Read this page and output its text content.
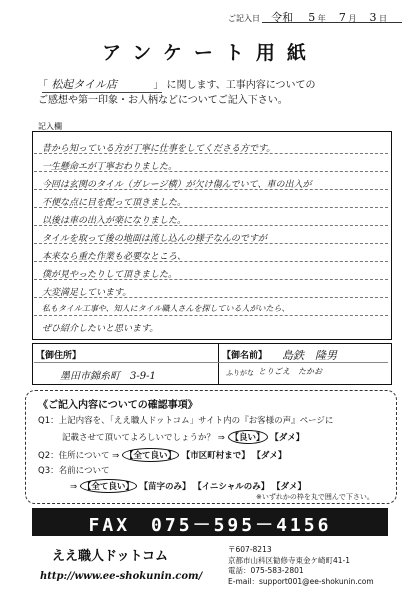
ご記入日 令和 5 年 7 月 3 日
アンケート用紙
「 松起タイル店	」 に関します、工事内容についての
ご感想や第一印象・お人柄などについてご記入下さい。
記入欄
昔から知っている方が丁寧に仕事をしてくださる方です。
一生懸命エが丁寧おわりました。
今回は玄関のタイル（ガレージ横）が欠け傷んでいて、車の出入が
不便な点に目を配って頂きました。
以後は車の出入が楽になりました。
タイルを取って後の地面は流し込んの様子なんのですが
本来なら重た作業も必要なところ、
僕が見やったりして頂きました。
大変満足しています。
私もタイル工事や、知人にタイル職人さんを探している人がいたら、
ぜひ紹介したいと思います。
【御住所】
墨田市錦糸町　3-9-1
【御名前】 島鉄　隆男
ふりがな とりごえ　たかお
《ご記入内容についての確認事項》
Q1：上記内容を、「ええ職人ドットコム」サイト内の『お客様の声』ページに
記載させて頂いてよろしいでしょうか？ ⇒ 【良い】 【ダメ】
Q2：住所について ⇒ 【全て良い】 【市区町村まで】 【ダメ】
Q3：名前について
⇒ 【全て良い】 【苗字のみ】 【イニシャルのみ】 【ダメ】
※いずれかの枠を丸で囲んで下さい。
FAX　075－595－4156
ええ職人ドットコム
http://www.ee-shokunin.com/
〒607-8213
京都市山科区勧修寺東金ケ崎町41-1
電話：075-583-2801
E-mail：support001@ee-shokunin.com
